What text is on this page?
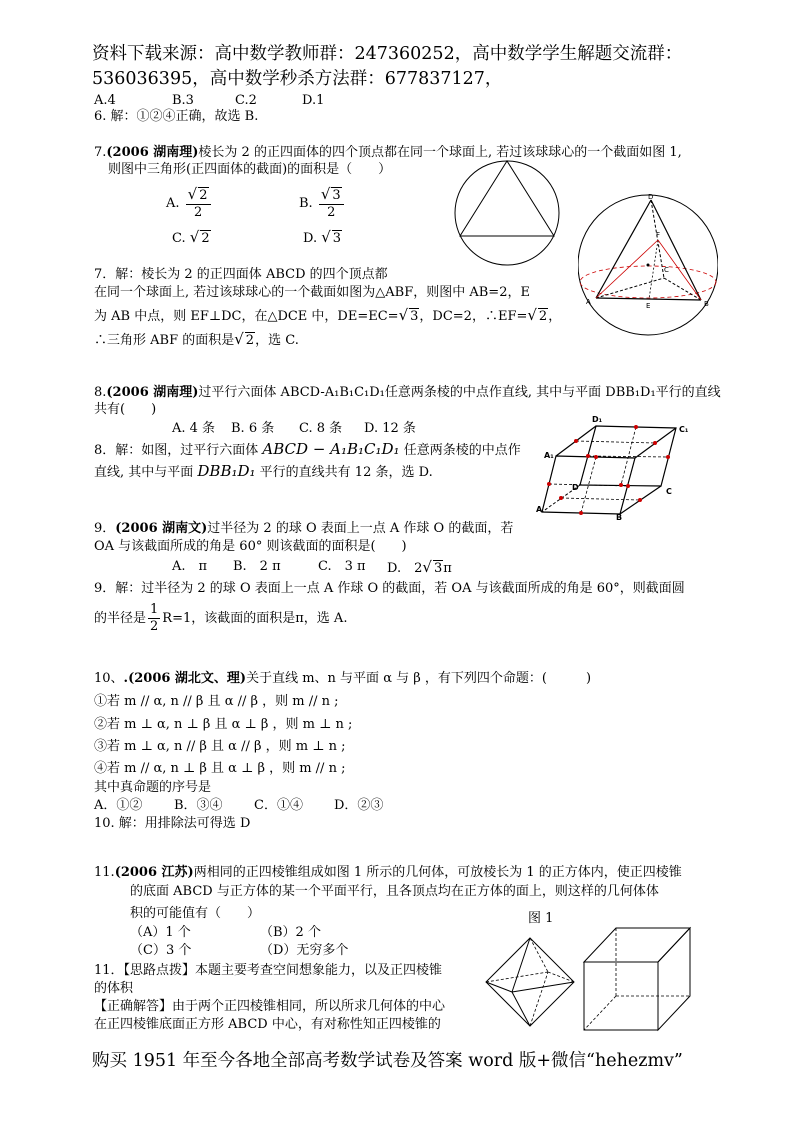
资料下载来源：高中数学教师群：247360252，高中数学学生解题交流群：
536036395，高中数学秒杀方法群：677837127，
A.4	B.3	C.2	D.1
6. 解：①②④正确，故选 B.
7.(2006 湖南理)棱长为 2 的正四面体的四个顶点都在同一个球面上, 若过该球球心的一个截面如图 1,
则图中三角形(正四面体的截面)的面积是（　　）
A. $\frac{√ 2}{2}$	B. $\frac{√ 3}{2}$
C. √ 2	D. √ 3
D
F
C
A	B
E
7．解：棱长为 2 的正四面体 ABCD 的四个顶点都
在同一个球面上, 若过该球球心的一个截面如图为△ABF，则图中 AB=2，E
为 AB 中点，则 EF⊥DC，在△DCE 中，DE=EC=√ 3，DC=2，∴EF=√ 2，
∴三角形 ABF 的面积是√ 2，选 C.
8.(2006 湖南理)过平行六面体 ABCD-A₁B₁C₁D₁任意两条棱的中点作直线, 其中与平面 DBB₁D₁平行的直线
共有(　　)
A. 4 条 B. 6 条 C. 8 条 D. 12 条
8．解：如图，过平行六面体 ABCD − A₁B₁C₁D₁ 任意两条棱的中点作
直线, 其中与平面 DBB₁D₁ 平行的直线共有 12 条，选 D.
D₁
C₁
A₁
D
A
B
C
9．(2006 湖南文)过半径为 2 的球 O 表面上一点 A 作球 O 的截面，若
OA 与该截面所成的角是 60° 则该截面的面积是(　　)
A.　π B.　2 π	C.　3 π D.　2√ 3π
9．解：过半径为 2 的球 O 表面上一点 A 作球 O 的截面，若 OA 与该截面所成的角是 60°，则截面圆
的半径是 $\frac{1}{2} R=1$，该截面的面积是π，选 A.
10、.(2006 湖北文、理)关于直线 m、n 与平面 α 与 β ，有下列四个命题：(　　　)
①若 m // α, n // β 且 α // β ，则 m // n ;
②若 m ⊥ α, n ⊥ β 且 α ⊥ β ，则 m ⊥ n ;
③若 m ⊥ α, n // β 且 α // β ，则 m ⊥ n ;
④若 m // α, n ⊥ β 且 α ⊥ β ，则 m // n ;
其中真命题的序号是
A．①② B．③④ C．①④ D．②③
10. 解：用排除法可得选 D
11.(2006 江苏)两相同的正四棱锥组成如图 1 所示的几何体，可放棱长为 1 的正方体内，使正四棱锥
的底面 ABCD 与正方体的某一个平面平行，且各顶点均在正方体的面上，则这样的几何体体
积的可能值有（　　）	图 1
（A）1 个	（B）2 个
（C）3 个	（D）无穷多个
11．【思路点拨】本题主要考查空间想象能力，以及正四棱锥
的体积
【正确解答】由于两个正四棱锥相同，所以所求几何体的中心
在正四棱锥底面正方形 ABCD 中心，有对称性知正四棱锥的
购买 1951 年至今各地全部高考数学试卷及答案 word 版+微信“hehezmv”
